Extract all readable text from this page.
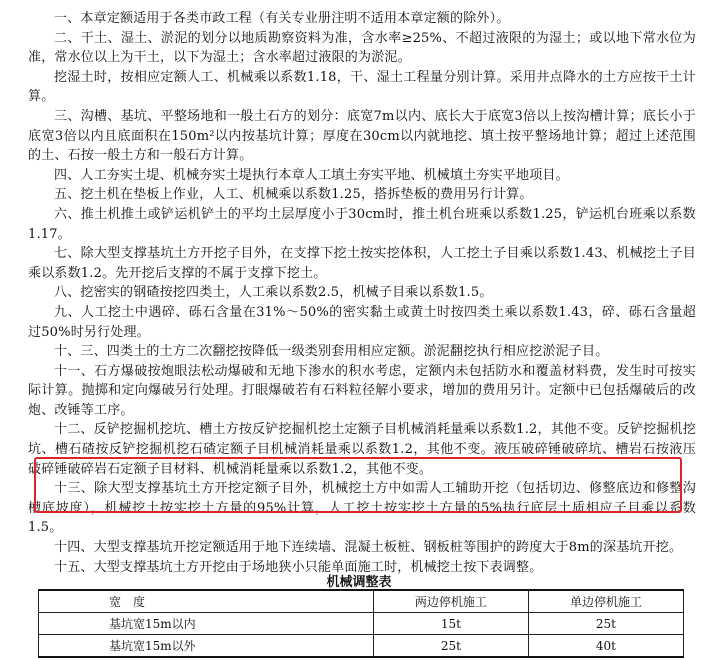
一、本章定额适用于各类市政工程（有关专业册注明不适用本章定额的除外）。

二、干土、湿土、淤泥的划分以地质勘察资料为准，含水率≥25%、不超过液限的为湿土；或以地下常水位为准，常水位以上为干土，以下为湿土；含水率超过液限的为淤泥。

挖湿土时，按相应定额人工、机械乘以系数1.18，干、湿土工程量分别计算。采用井点降水的土方应按干土计算。

三、沟槽、基坑、平整场地和一般土石方的划分：底宽7m以内、底长大于底宽3倍以上按沟槽计算；底长小于底宽3倍以内且底面积在150m²以内按基坑计算；厚度在30cm以内就地挖、填土按平整场地计算；超过上述范围的土、石按一般土方和一般石方计算。

四、人工夯实土堤、机械夯实土堤执行本章人工填土夯实平地、机械填土夯实平地项目。

五、挖土机在垫板上作业，人工、机械乘以系数1.25，搭拆垫板的费用另行计算。

六、推土机推土或铲运机铲土的平均土层厚度小于30cm时，推土机台班乘以系数1.25，铲运机台班乘以系数1.17。

七、除大型支撑基坑土方开挖子目外，在支撑下挖土按实挖体积，人工挖土子目乘以系数1.43、机械挖土子目乘以系数1.2。先开挖后支撑的不属于支撑下挖土。

八、挖密实的钢碴按挖四类土，人工乘以系数2.5，机械子目乘以系数1.5。

九、人工挖土中遇碎、砾石含量在31%～50%的密实黏土或黄土时按四类土乘以系数1.43，碎、砾石含量超过50%时另行处理。

十、三、四类土的土方二次翻挖按降低一级类别套用相应定额。淤泥翻挖执行相应挖淤泥子目。

十一、石方爆破按炮眼法松动爆破和无地下渗水的积水考虑，定额内未包括防水和覆盖材料费，发生时可按实际计算。抛掷和定向爆破另行处理。打眼爆破若有石料粒径解小要求，增加的费用另计。定额中已包括爆破后的改炮、改锤等工序。

十二、反铲挖掘机挖坑、槽土方按反铲挖掘机挖土定额子目机械消耗量乘以系数1.2，其他不变。反铲挖掘机挖坑、槽石碴按反铲挖掘机挖石碴定额子目机械消耗量乘以系数1.2，其他不变。液压破碎锤破碎坑、槽岩石按液压破碎锤破碎岩石定额子目材料、机械消耗量乘以系数1.2，其他不变。

十三、除大型支撑基坑土方开挖定额子目外，机械挖土方中如需人工辅助开挖（包括切边、修整底边和修整沟槽底坡度），机械挖土按实挖土方量的95%计算，人工挖土按实挖土方量的5%执行底层土质相应子目乘以系数1.5。

十四、大型支撑基坑开挖定额适用于地下连续墙、混凝土板桩、钢板桩等围护的跨度大于8m的深基坑开挖。

十五、大型支撑基坑土方开挖由于场地狭小只能单面施工时，机械挖土按下表调整。

机械调整表
宽　度	两边停机施工	单边停机施工
基坑宽15m以内	15t	25t
基坑宽15m以外	25t	40t
